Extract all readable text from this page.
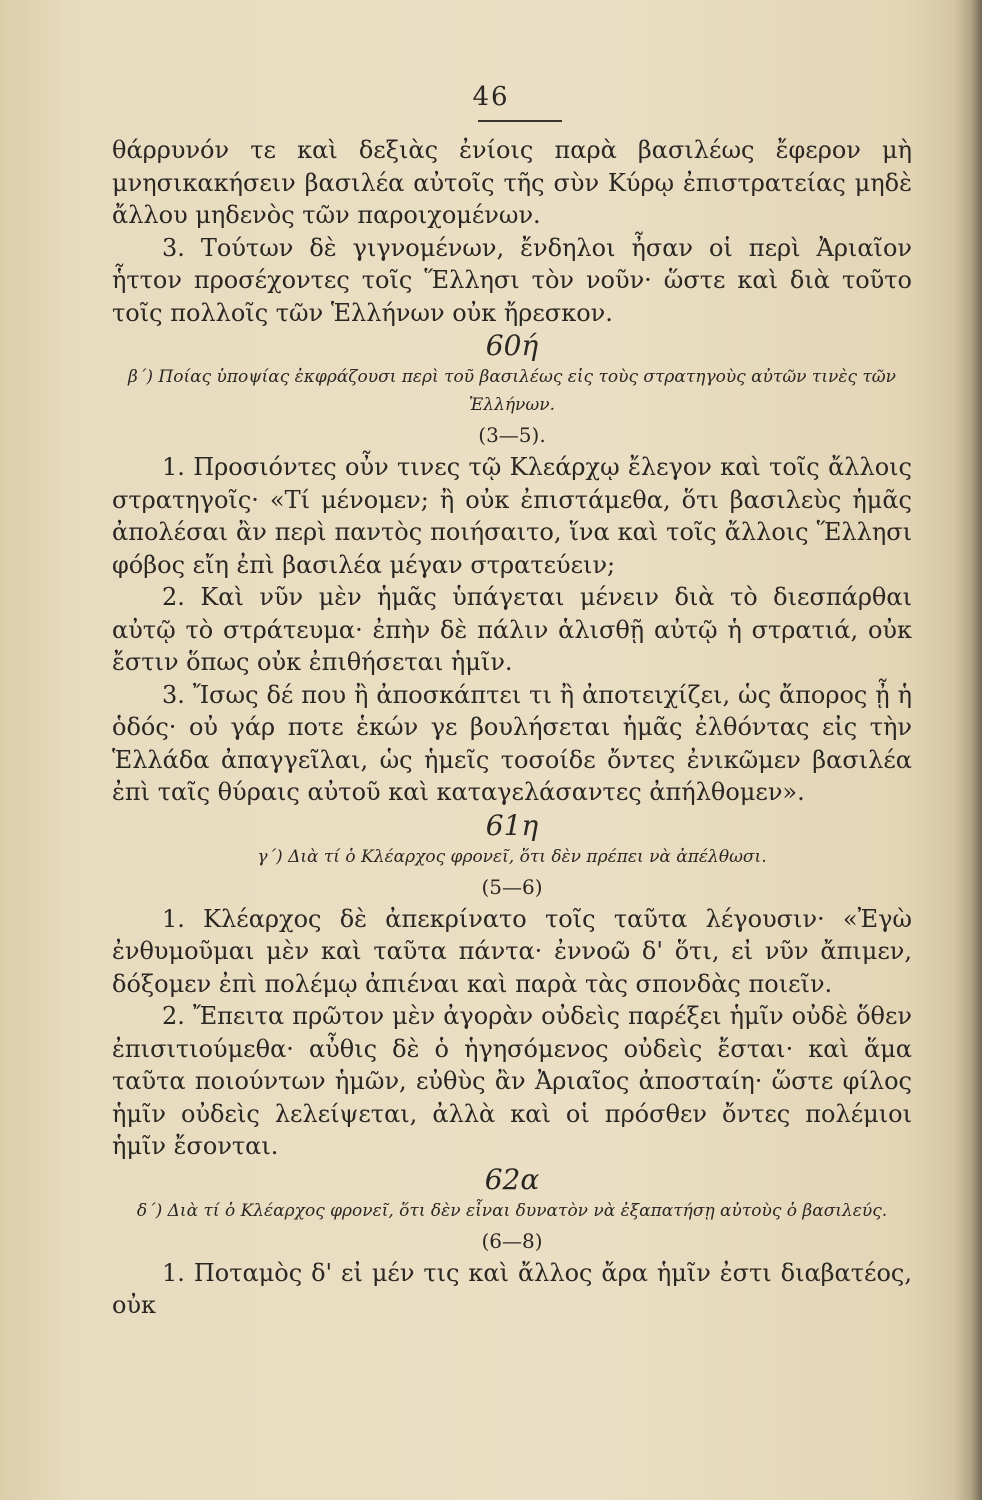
46

θάρρυνόν τε καὶ δεξιὰς ἐνίοις παρὰ βασιλέως ἔφερον μὴ μνησικακήσειν βασιλέα αὐτοῖς τῆς σὺν Κύρῳ ἐπιστρατείας μηδὲ ἄλλου μηδενὸς τῶν παροιχομένων.

3. Τούτων δὲ γιγνομένων, ἔνδηλοι ἦσαν οἱ περὶ Ἀριαῖον ἧττον προσέχοντες τοῖς Ἕλλησι τὸν νοῦν· ὥστε καὶ διὰ τοῦτο τοῖς πολλοῖς τῶν Ἑλλήνων οὐκ ἤρεσκον.

60ή

β΄) Ποίας ὑποψίας ἐκφράζουσι περὶ τοῦ βασιλέως εἰς τοὺς στρατηγοὺς αὐτῶν τινὲς τῶν Ἑλλήνων.

(3—5).

1. Προσιόντες οὖν τινες τῷ Κλεάρχῳ ἔλεγον καὶ τοῖς ἄλλοις στρατηγοῖς· «Τί μένομεν; ἢ οὐκ ἐπιστάμεθα, ὅτι βασιλεὺς ἡμᾶς ἀπολέσαι ἂν περὶ παντὸς ποιήσαιτο, ἵνα καὶ τοῖς ἄλλοις Ἕλλησι φόβος εἴη ἐπὶ βασιλέα μέγαν στρατεύειν;

2. Καὶ νῦν μὲν ἡμᾶς ὑπάγεται μένειν διὰ τὸ διεσπάρθαι αὐτῷ τὸ στράτευμα· ἐπὴν δὲ πάλιν ἁλισθῇ αὐτῷ ἡ στρατιά, οὐκ ἔστιν ὅπως οὐκ ἐπιθήσεται ἡμῖν.

3. Ἴσως δέ που ἢ ἀποσκάπτει τι ἢ ἀποτειχίζει, ὡς ἄπορος ᾖ ἡ ὁδός· οὐ γάρ ποτε ἑκών γε βουλήσεται ἡμᾶς ἐλθόντας εἰς τὴν Ἑλλάδα ἀπαγγεῖλαι, ὡς ἡμεῖς τοσοίδε ὄντες ἐνικῶμεν βασιλέα ἐπὶ ταῖς θύραις αὐτοῦ καὶ καταγελάσαντες ἀπήλθομεν».

61η

γ΄) Διὰ τί ὁ Κλέαρχος φρονεῖ, ὅτι δὲν πρέπει νὰ ἀπέλθωσι.

(5—6)

1. Κλέαρχος δὲ ἀπεκρίνατο τοῖς ταῦτα λέγουσιν· «Ἐγὼ ἐνθυμοῦμαι μὲν καὶ ταῦτα πάντα· ἐννοῶ δ' ὅτι, εἰ νῦν ἄπιμεν, δόξομεν ἐπὶ πολέμῳ ἀπιέναι καὶ παρὰ τὰς σπονδὰς ποιεῖν.

2. Ἔπειτα πρῶτον μὲν ἀγορὰν οὐδεὶς παρέξει ἡμῖν οὐδὲ ὅθεν ἐπισιτιούμεθα· αὖθις δὲ ὁ ἡγησόμενος οὐδεὶς ἔσται· καὶ ἅμα ταῦτα ποιούντων ἡμῶν, εὐθὺς ἂν Ἀριαῖος ἀποσταίη· ὥστε φίλος ἡμῖν οὐδεὶς λελείψεται, ἀλλὰ καὶ οἱ πρόσθεν ὄντες πολέμιοι ἡμῖν ἔσονται.

62α

δ΄) Διὰ τί ὁ Κλέαρχος φρονεῖ, ὅτι δὲν εἶναι δυνατὸν νὰ ἐξαπατήσῃ αὐτοὺς ὁ βασιλεύς.

(6—8)

1. Ποταμὸς δ' εἰ μέν τις καὶ ἄλλος ἄρα ἡμῖν ἐστι διαβατέος, οὐκ
